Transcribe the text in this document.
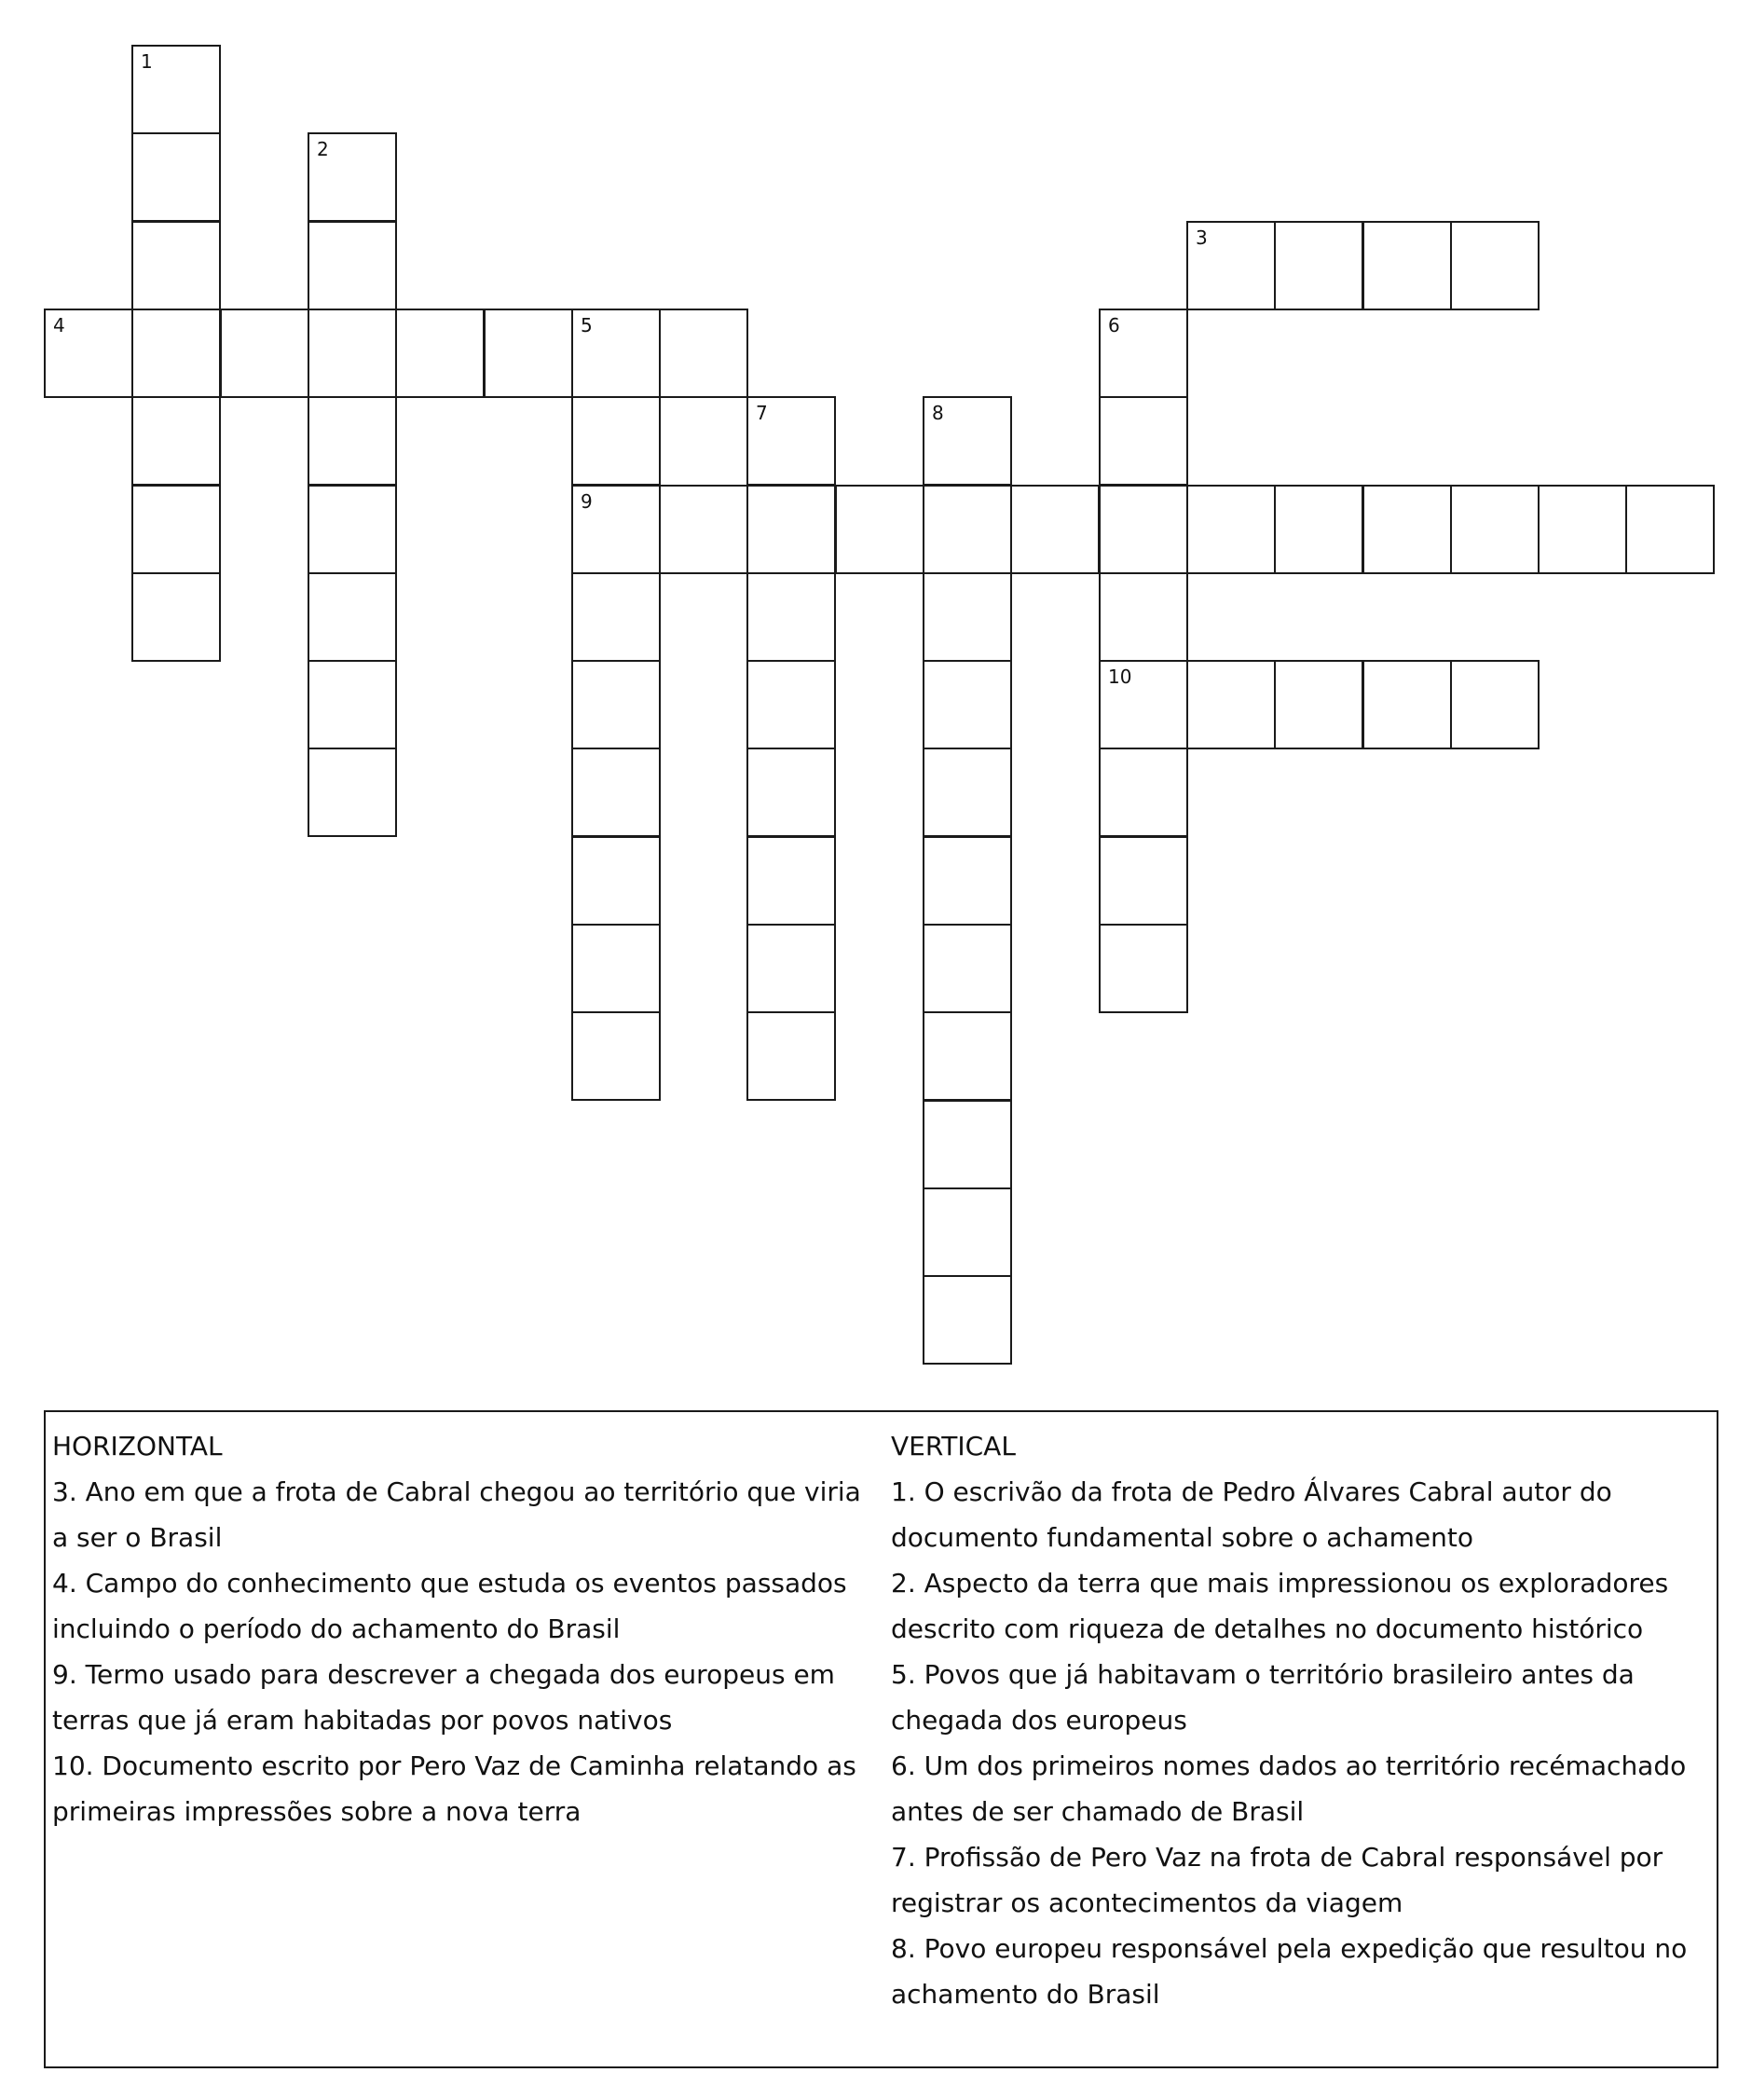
1
2
3
4	5
9
6
10
7	8

HORIZONTAL

3. Ano em que a frota de Cabral chegou ao território que viria a ser o Brasil

4. Campo do conhecimento que estuda os eventos passados incluindo o período do achamento do Brasil

9. Termo usado para descrever a chegada dos europeus em terras que já eram habitadas por povos nativos

10. Documento escrito por Pero Vaz de Caminha relatando as primeiras impressões sobre a nova terra

VERTICAL

1. O escrivão da frota de Pedro Álvares Cabral autor do documento fundamental sobre o achamento

2. Aspecto da terra que mais impressionou os exploradores descrito com riqueza de detalhes no documento histórico

5. Povos que já habitavam o território brasileiro antes da chegada dos europeus

6. Um dos primeiros nomes dados ao território recémachado antes de ser chamado de Brasil

7. Profissão de Pero Vaz na frota de Cabral responsável por registrar os acontecimentos da viagem

8. Povo europeu responsável pela expedição que resultou no achamento do Brasil
